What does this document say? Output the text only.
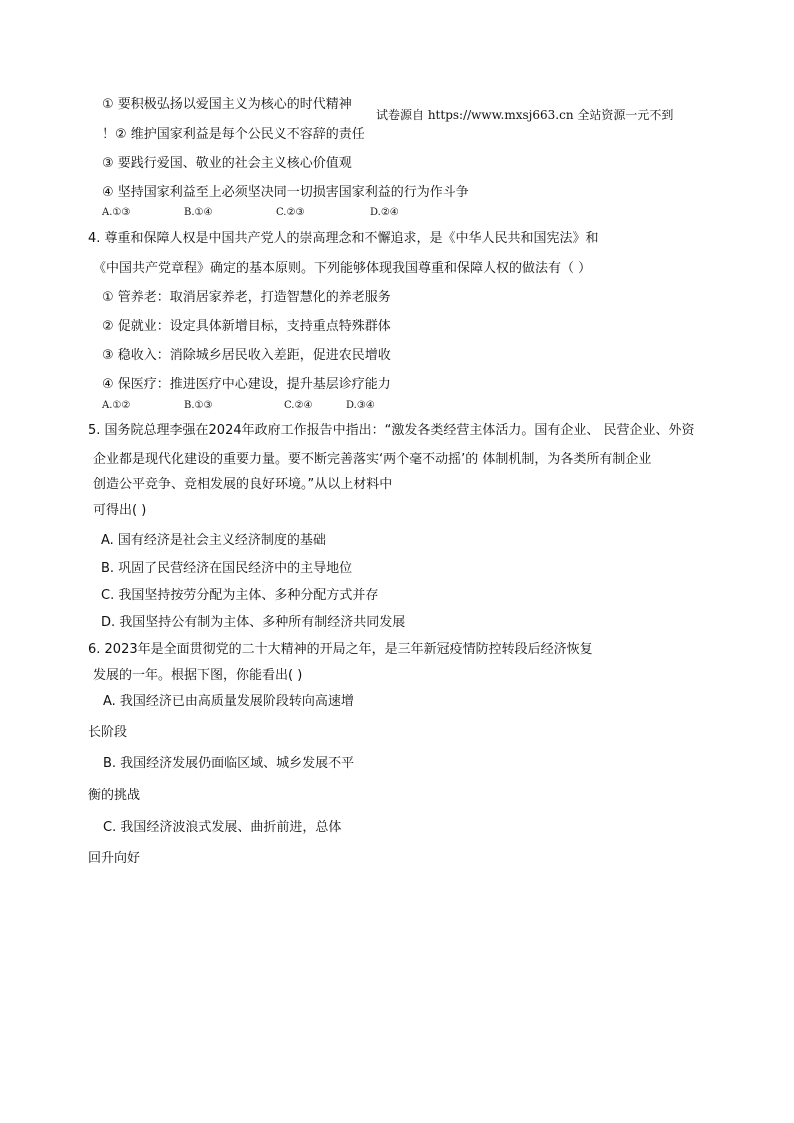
① 要积极弘扬以爱国主义为核心的时代精神
试卷源自 https://www.mxsj663.cn 全站资源一元不到
！② 维护国家利益是每个公民义不容辞的责任
③ 要践行爱国、敬业的社会主义核心价值观
④ 坚持国家利益至上必须坚决同一切损害国家利益的行为作斗争
A.①③	B.①④	C.②③	D.②④
4. 尊重和保障人权是中国共产党人的崇高理念和不懈追求，是《中华人民共和国宪法》和
《中国共产党章程》确定的基本原则。下列能够体现我国尊重和保障人权的做法有（ ）
① 管养老：取消居家养老，打造智慧化的养老服务
② 促就业：设定具体新增目标，支持重点特殊群体
③ 稳收入：消除城乡居民收入差距，促进农民增收
④ 保医疗：推进医疗中心建设，提升基层诊疗能力
A.①②	B.①③	C.②④	D.③④
5. 国务院总理李强在2024年政府工作报告中指出：“激发各类经营主体活力。国有企业、 民营企业、外资
企业都是现代化建设的重要力量。要不断完善落实‘两个毫不动摇’的 体制机制，为各类所有制企业
创造公平竞争、竞相发展的良好环境。”从以上材料中
可得出( )
A. 国有经济是社会主义经济制度的基础
B. 巩固了民营经济在国民经济中的主导地位
C. 我国坚持按劳分配为主体、多种分配方式并存
D. 我国坚持公有制为主体、多种所有制经济共同发展
6. 2023年是全面贯彻党的二十大精神的开局之年，是三年新冠疫情防控转段后经济恢复
发展的一年。根据下图，你能看出( )
A. 我国经济已由高质量发展阶段转向高速增
长阶段
B. 我国经济发展仍面临区域、城乡发展不平
衡的挑战
C. 我国经济波浪式发展、曲折前进，总体
回升向好
